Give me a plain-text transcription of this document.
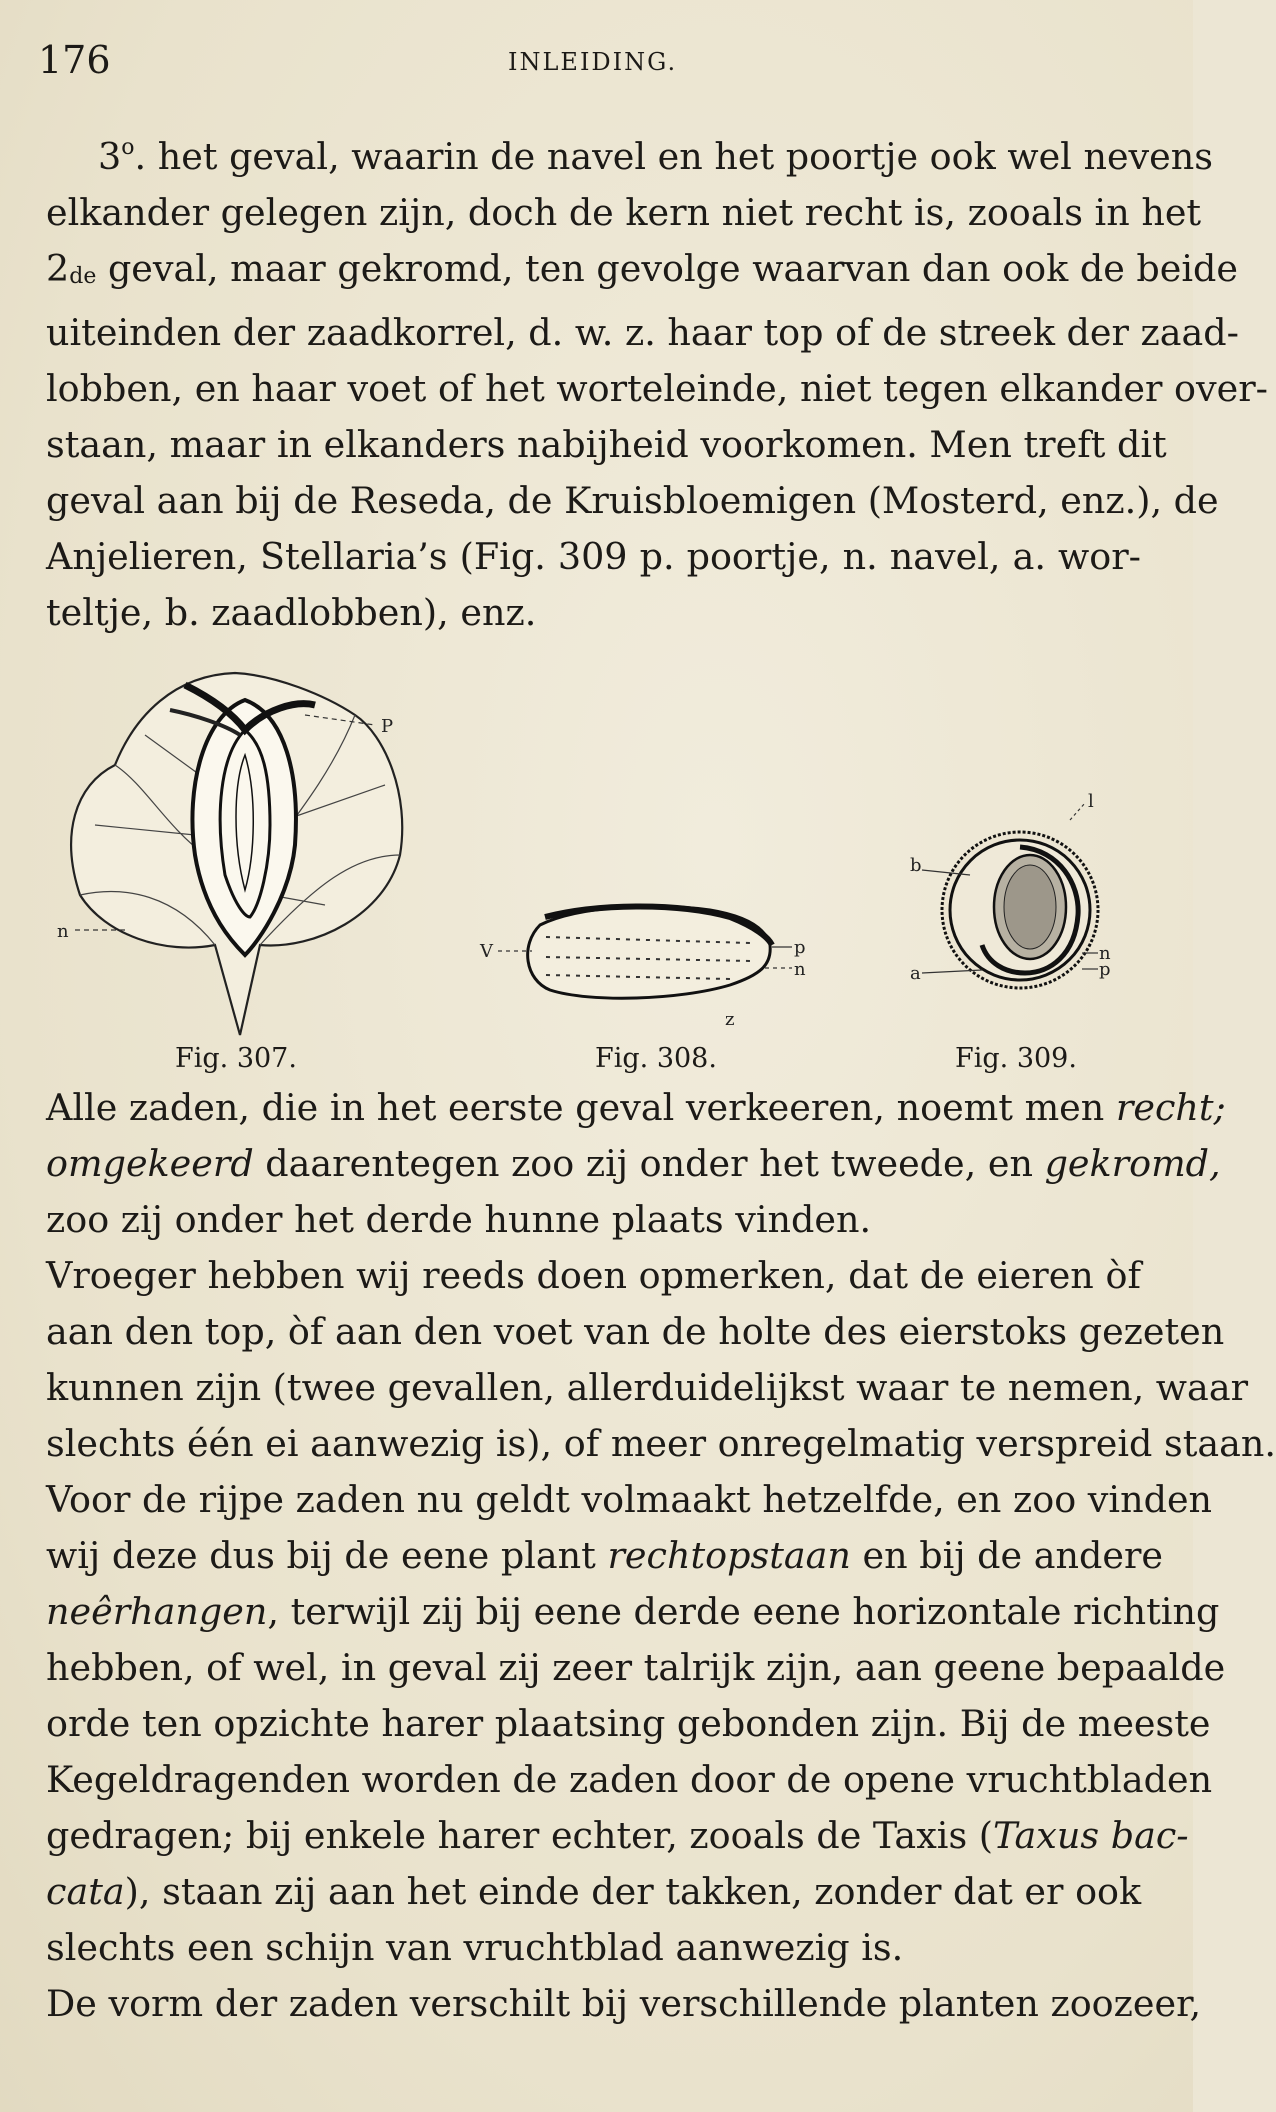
176	INLEIDING.
3$^o$. het geval, waarin de navel en het poortje ook wel nevens
elkander gelegen zijn, doch de kern niet recht is, zooals in het
$2_{de}$ geval, maar gekromd, ten gevolge waarvan dan ook de beide
uiteinden der zaadkorrel, d. w. z. haar top of de streek der zaad-
lobben, en haar voet of het worteleinde, niet tegen elkander over-
staan, maar in elkanders nabijheid voorkomen. Men treft dit
geval aan bij de Reseda, de Kruisbloemigen (Mosterd, enz.), de
Anjelieren, Stellaria’s (Fig. 309 p. poortje, n. navel, a. wor-
teltje, b. zaadlobben), enz.
P
n
Fig. 307.
V	p
n
z
Fig. 308.
l
b
a
n
p
Fig. 309.
Alle zaden, die in het eerste geval verkeeren, noemt men recht;
omgekeerd daarentegen zoo zij onder het tweede, en gekromd,
zoo zij onder het derde hunne plaats vinden.
Vroeger hebben wij reeds doen opmerken, dat de eieren òf
aan den top, òf aan den voet van de holte des eierstoks gezeten
kunnen zijn (twee gevallen, allerduidelijkst waar te nemen, waar
slechts één ei aanwezig is), of meer onregelmatig verspreid staan.
Voor de rijpe zaden nu geldt volmaakt hetzelfde, en zoo vinden
wij deze dus bij de eene plant rechtopstaan en bij de andere
neêrhangen, terwijl zij bij eene derde eene horizontale richting
hebben, of wel, in geval zij zeer talrijk zijn, aan geene bepaalde
orde ten opzichte harer plaatsing gebonden zijn. Bij de meeste
Kegeldragenden worden de zaden door de opene vruchtbladen
gedragen; bij enkele harer echter, zooals de Taxis (Taxus bac-
cata), staan zij aan het einde der takken, zonder dat er ook
slechts een schijn van vruchtblad aanwezig is.
De vorm der zaden verschilt bij verschillende planten zoozeer,
